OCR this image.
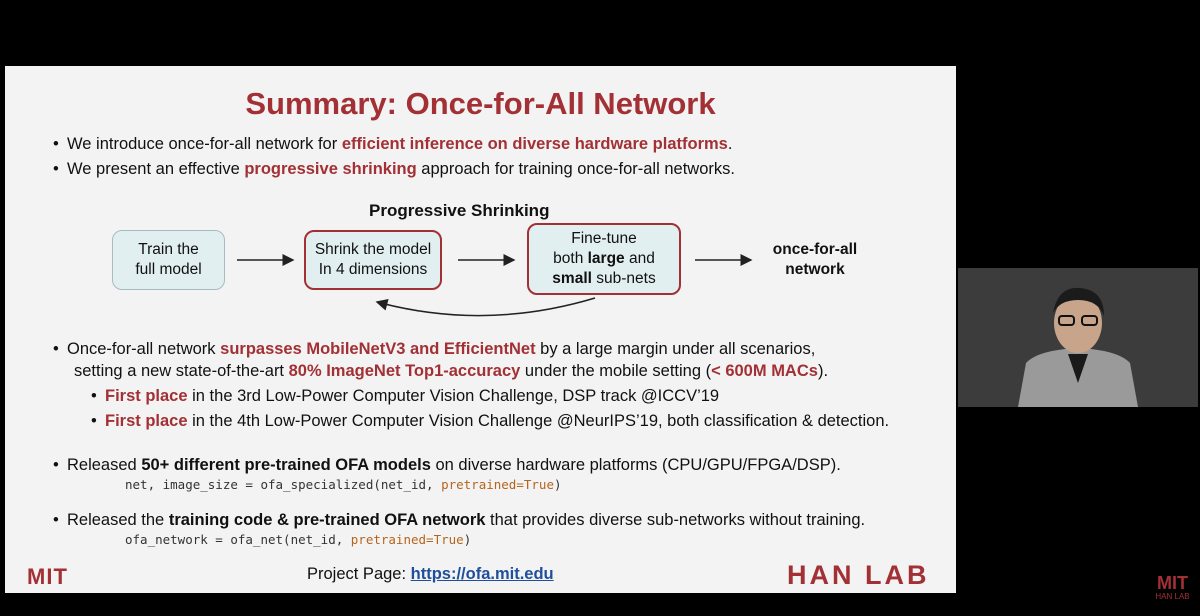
Summary: Once-for-All Network
• We introduce once-for-all network for efficient inference on diverse hardware platforms.
• We present an effective progressive shrinking approach for training once-for-all networks.
Progressive Shrinking
Train the
full model
Shrink the model
In 4 dimensions
Fine-tune
both large and
small sub-nets
once-for-all
network
• Once-for-all network surpasses MobileNetV3 and EfficientNet by a large margin under all scenarios,
setting a new state-of-the-art 80% ImageNet Top1-accuracy under the mobile setting (< 600M MACs).
• First place in the 3rd Low-Power Computer Vision Challenge, DSP track @ICCV’19
• First place in the 4th Low-Power Computer Vision Challenge @NeurIPS’19, both classification & detection.
• Released 50+ different pre-trained OFA models on diverse hardware platforms (CPU/GPU/FPGA/DSP).
net, image_size = ofa_specialized(net_id, pretrained=True)
• Released the training code & pre-trained OFA network that provides diverse sub-networks without training.
ofa_network = ofa_net(net_id, pretrained=True)
MIT	Project Page: https://ofa.mit.edu	HAN LAB	MIT
HAN LAB
